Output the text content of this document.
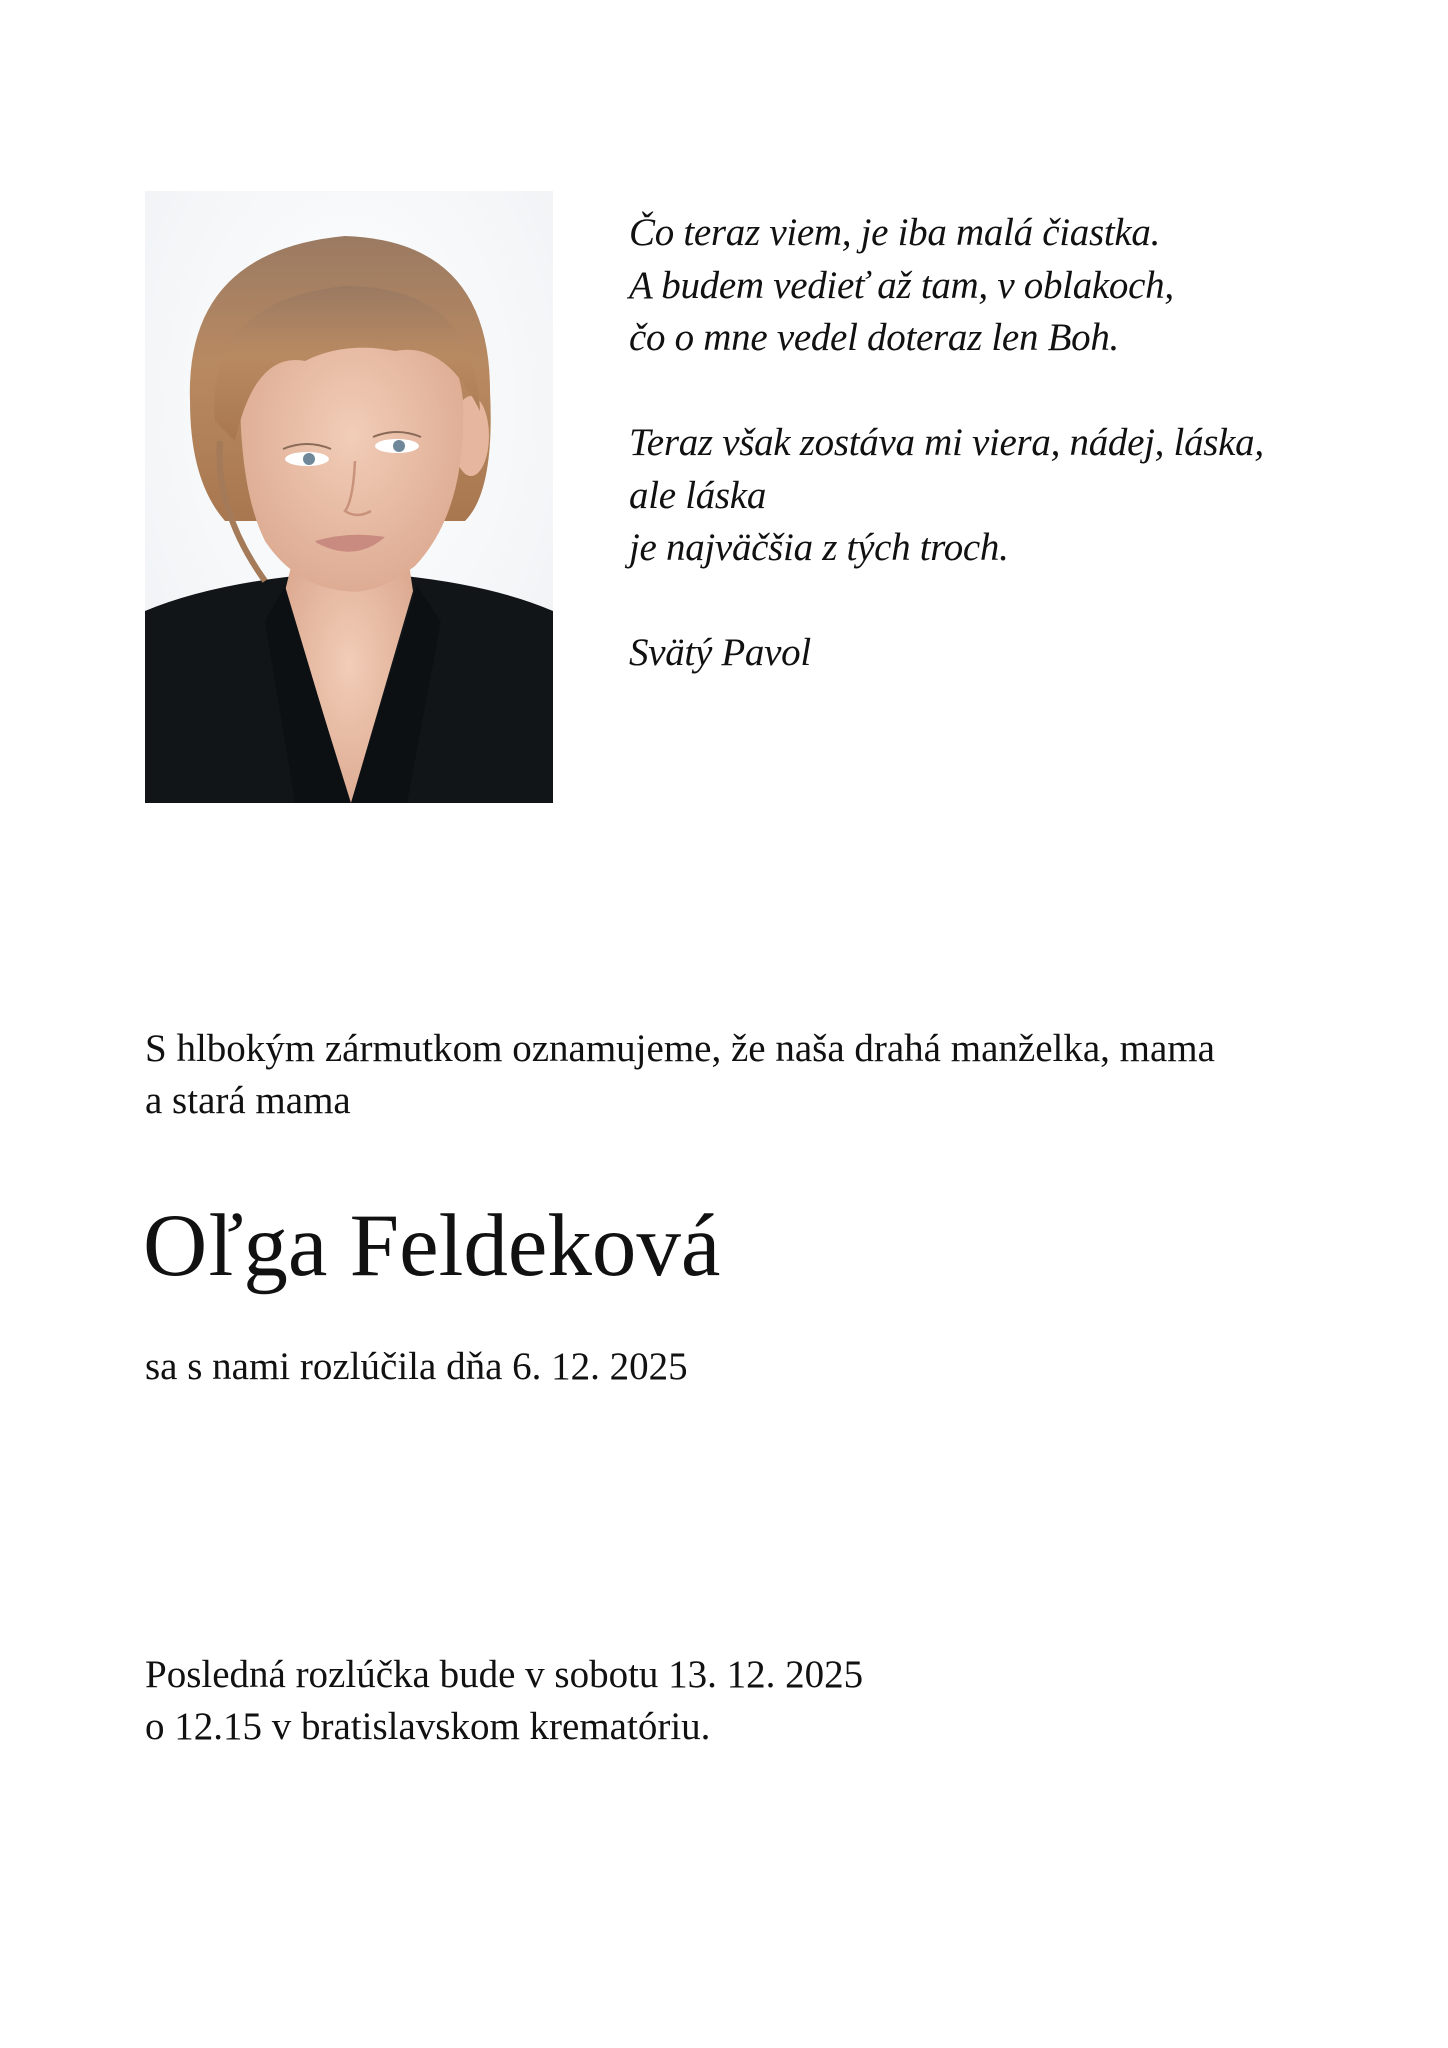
Čo teraz viem, je iba malá čiastka.
A budem vedieť až tam, v oblakoch,
čo o mne vedel doteraz len Boh.
Teraz však zostáva mi viera, nádej, láska,
ale láska
je najväčšia z tých troch.
Svätý Pavol
S hlbokým zármutkom oznamujeme, že naša drahá manželka, mama
a stará mama
Oľga Feldeková
sa s nami rozlúčila dňa 6. 12. 2025
Posledná rozlúčka bude v sobotu 13. 12. 2025
o 12.15 v bratislavskom krematóriu.
